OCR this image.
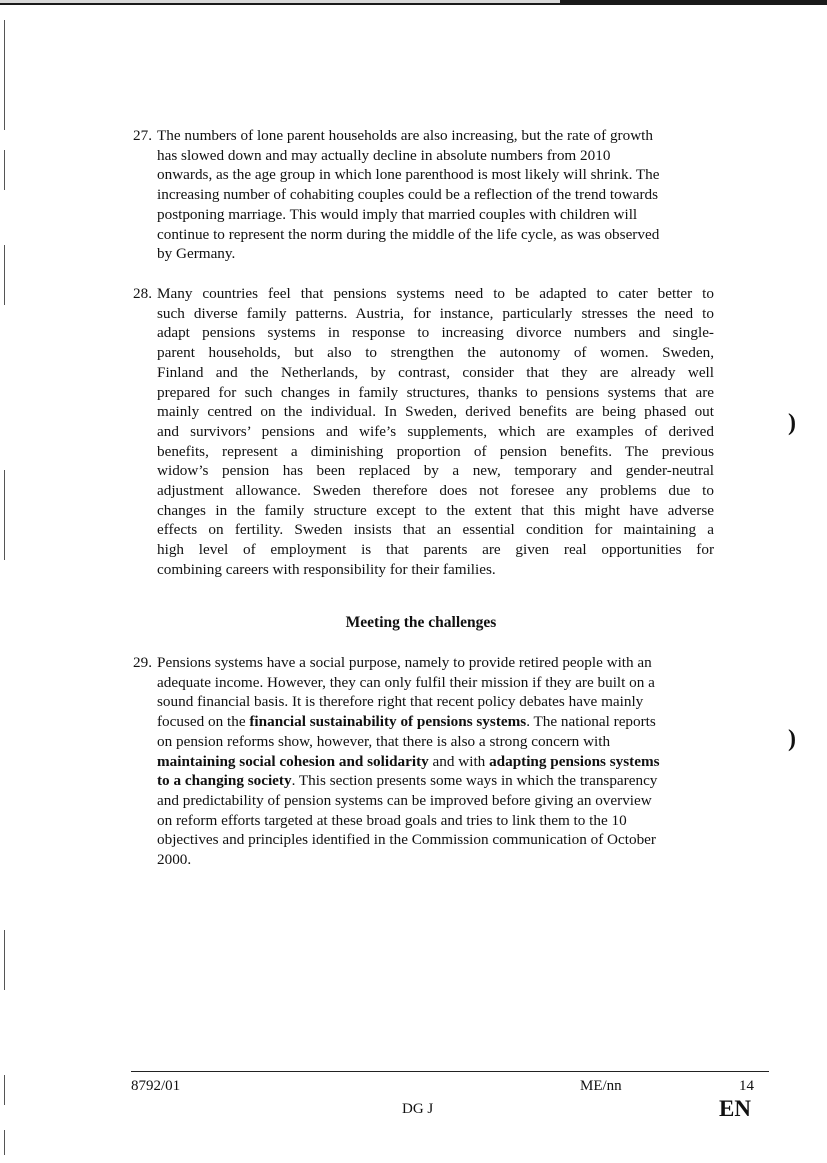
)
)
27. The numbers of lone parent households are also increasing, but the rate of growth
has slowed down and may actually decline in absolute numbers from 2010
onwards, as the age group in which lone parenthood is most likely will shrink. The
increasing number of cohabiting couples could be a reflection of the trend towards
postponing marriage. This would imply that married couples with children will
continue to represent the norm during the middle of the life cycle, as was observed
by Germany.
28. Many countries feel that pensions systems need to be adapted to cater better to
such diverse family patterns. Austria, for instance, particularly stresses the need to
adapt pensions systems in response to increasing divorce numbers and single-
parent households, but also to strengthen the autonomy of women. Sweden,
Finland and the Netherlands, by contrast, consider that they are already well
prepared for such changes in family structures, thanks to pensions systems that are
mainly centred on the individual. In Sweden, derived benefits are being phased out
and survivors’ pensions and wife’s supplements, which are examples of derived
benefits, represent a diminishing proportion of pension benefits. The previous
widow’s pension has been replaced by a new, temporary and gender-neutral
adjustment allowance. Sweden therefore does not foresee any problems due to
changes in the family structure except to the extent that this might have adverse
effects on fertility. Sweden insists that an essential condition for maintaining a
high level of employment is that parents are given real opportunities for
combining careers with responsibility for their families.
Meeting the challenges
29. Pensions systems have a social purpose, namely to provide retired people with an
adequate income. However, they can only fulfil their mission if they are built on a
sound financial basis. It is therefore right that recent policy debates have mainly
focused on the financial sustainability of pensions systems. The national reports
on pension reforms show, however, that there is also a strong concern with
maintaining social cohesion and solidarity and with adapting pensions systems
to a changing society. This section presents some ways in which the transparency
and predictability of pension systems can be improved before giving an overview
on reform efforts targeted at these broad goals and tries to link them to the 10
objectives and principles identified in the Commission communication of October
2000.
8792/01	ME/nn	14
DG J	EN
